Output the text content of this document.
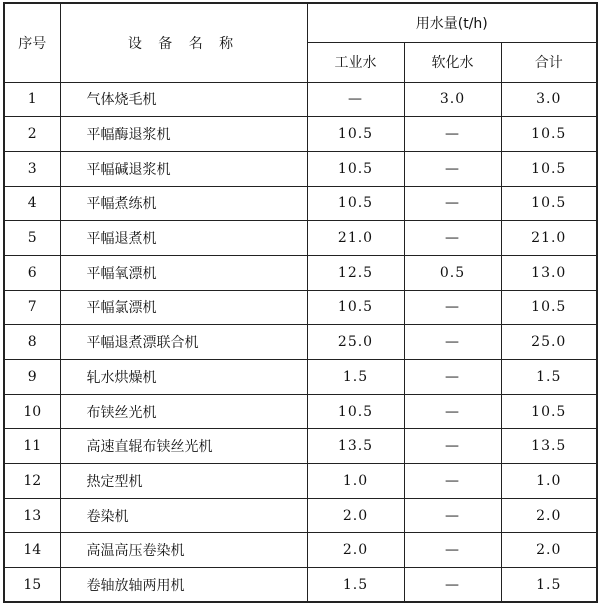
序号	设 备 名 称	用水量(t/h)		
		工业水	软化水	合计
1	气体烧毛机	—	3.0	3.0
2	平幅酶退浆机	10.5	—	10.5
3	平幅碱退浆机	10.5	—	10.5
4	平幅煮练机	10.5	—	10.5
5	平幅退煮机	21.0	—	21.0
6	平幅氧漂机	12.5	0.5	13.0
7	平幅氯漂机	10.5	—	10.5
8	平幅退煮漂联合机	25.0	—	25.0
9	轧水烘燥机	1.5	—	1.5
10	布铗丝光机	10.5	—	10.5
11	高速直辊布铗丝光机	13.5	—	13.5
12	热定型机	1.0	—	1.0
13	卷染机	2.0	—	2.0
14	高温高压卷染机	2.0	—	2.0
15	卷轴放轴两用机	1.5	—	1.5
